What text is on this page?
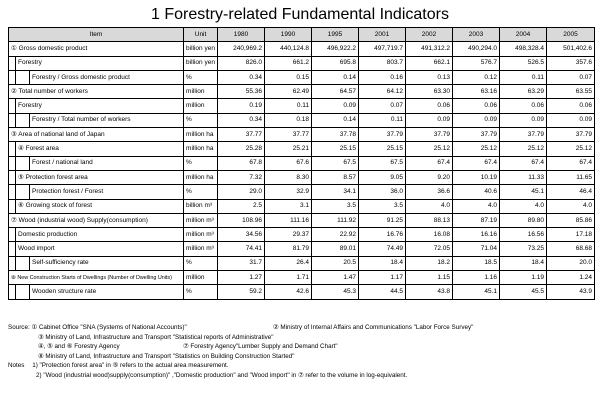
1 Forestry-related Fundamental Indicators
Item			Unit	1980	1990	1995	2001	2002	2003	2004	2005
① Gross domestic product			billion yen	240,969.2	440,124.8	496,922.2	497,719.7	491,312.2	490,294.0	498,328.4	501,402.6
	Forestry		billion yen	826.0	661.2	695.8	803.7	662.1	576.7	526.5	357.6
		Forestry / Gross domestic product	%	0.34	0.15	0.14	0.16	0.13	0.12	0.11	0.07
② Total number of workers			million	55.36	62.49	64.57	64.12	63.30	63.16	63.29	63.55
	Forestry		million	0.19	0.11	0.09	0.07	0.06	0.06	0.06	0.06
		Forestry / Total number of workers	%	0.34	0.18	0.14	0.11	0.09	0.09	0.09	0.09
③ Area of national land of Japan			million ha	37.77	37.77	37.78	37.79	37.79	37.79	37.79	37.79
	④ Forest area		million ha	25.28	25.21	25.15	25.15	25.12	25.12	25.12	25.12
		Forest / national land	%	67.8	67.6	67.5	67.5	67.4	67.4	67.4	67.4
	⑤ Protection forest area		million ha	7.32	8.30	8.57	9.05	9.20	10.19	11.33	11.65
		Protection forest / Forest	%	29.0	32.9	34.1	36.0	36.6	40.6	45.1	46.4
	⑥ Growing stock of forest		billion m³	2.5	3.1	3.5	3.5	4.0	4.0	4.0	4.0
⑦ Wood (industrial wood) Supply(consumption)			million m³	108.96	111.16	111.92	91.25	88.13	87.19	89.80	85.86
	Domestic production		million m³	34.56	29.37	22.92	16.76	16.08	16.16	16.56	17.18
	Wood import		million m³	74.41	81.79	89.01	74.49	72.05	71.04	73.25	68.68
		Self-sufficiency rate	%	31.7	26.4	20.5	18.4	18.2	18.5	18.4	20.0
⑧ New Construction Starts of Dwellings (Number of Dwelling Units)			million	1.27	1.71	1.47	1.17	1.15	1.16	1.19	1.24
		Wooden structure rate	%	59.2	42.6	45.3	44.5	43.8	45.1	45.5	43.9
Source: ① Cabinet Office "SNA (Systems of National Accounts)"	② Ministry of Internal Affairs and Communications "Labor Force Survey"
③ Ministry of Land, Infrastructure and Transport "Statistical reports of Administrative"
④, ⑤ and ⑥ Forestry Agency	⑦ Forestry Agency"Lumber Supply and Demand Chart"
⑧ Ministry of Land, Infrastructure and Transport "Statistics on Building Construction Started"
Notes 1) "Protection forest area" in ⑤ refers to the actual area measurement.
2) "Wood (industrial wood)supply(consumption)" ,"Domestic production" and "Wood import" in ⑦ refer to the volume in log-equivalent.
